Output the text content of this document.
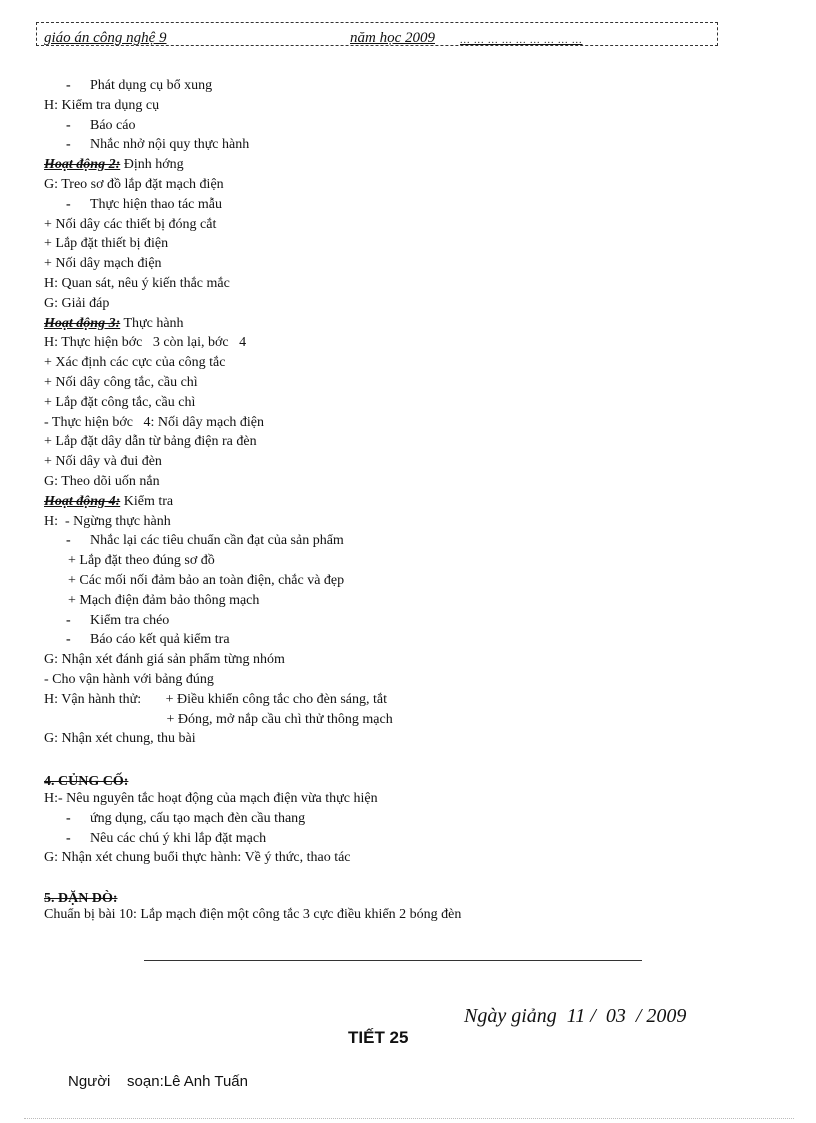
giáo án công nghệ 9	năm học 2009	... ... ... ... ... ... ... ... ...
- Phát dụng cụ bổ xung
H: Kiểm tra dụng cụ
- Báo cáo
- Nhắc nhở nội quy thực hành
Hoạt động 2: Định hớng
G: Treo sơ đồ lắp đặt mạch điện
- Thực hiện thao tác mẫu
+ Nối dây các thiết bị đóng cắt
+ Lắp đặt thiết bị điện
+ Nối dây mạch điện
H: Quan sát, nêu ý kiến thắc mắc
G: Giải đáp
Hoạt động 3: Thực hành
H: Thực hiện bớc   3 còn lại, bớc   4
+ Xác định các cực của công tắc
+ Nối dây công tắc, cầu chì
+ Lắp đặt công tắc, cầu chì
- Thực hiện bớc   4: Nối dây mạch điện
+ Lắp đặt dây dẫn từ bảng điện ra đèn
+ Nối dây và đui đèn
G: Theo dõi uốn nắn
Hoạt động 4: Kiểm tra
H:  - Ngừng thực hành
- Nhắc lại các tiêu chuẩn cần đạt của sản phẩm
+ Lắp đặt theo đúng sơ đồ
+ Các mối nối đảm bảo an toàn điện, chắc và đẹp
+ Mạch điện đảm bảo thông mạch
- Kiểm tra chéo
- Báo cáo kết quả kiểm tra
G: Nhận xét đánh giá sản phẩm từng nhóm
- Cho vận hành với bảng đúng
H: Vận hành thử:       + Điều khiển công tắc cho đèn sáng, tắt
+ Đóng, mở nắp cầu chì thử thông mạch
G: Nhận xét chung, thu bài
4. CỦNG CỐ:
H:- Nêu nguyên tắc hoạt động của mạch điện vừa thực hiện
- ứng dụng, cấu tạo mạch đèn cầu thang
- Nêu các chú ý khi lắp đặt mạch
G: Nhận xét chung buổi thực hành: Về ý thức, thao tác
5. DẶN DÒ:
Chuẩn bị bài 10: Lắp mạch điện một công tắc 3 cực điều khiển 2 bóng đèn
Ngày giảng  11 /  03  / 2009
TIẾT 25
Người    soạn:Lê Anh Tuấn
